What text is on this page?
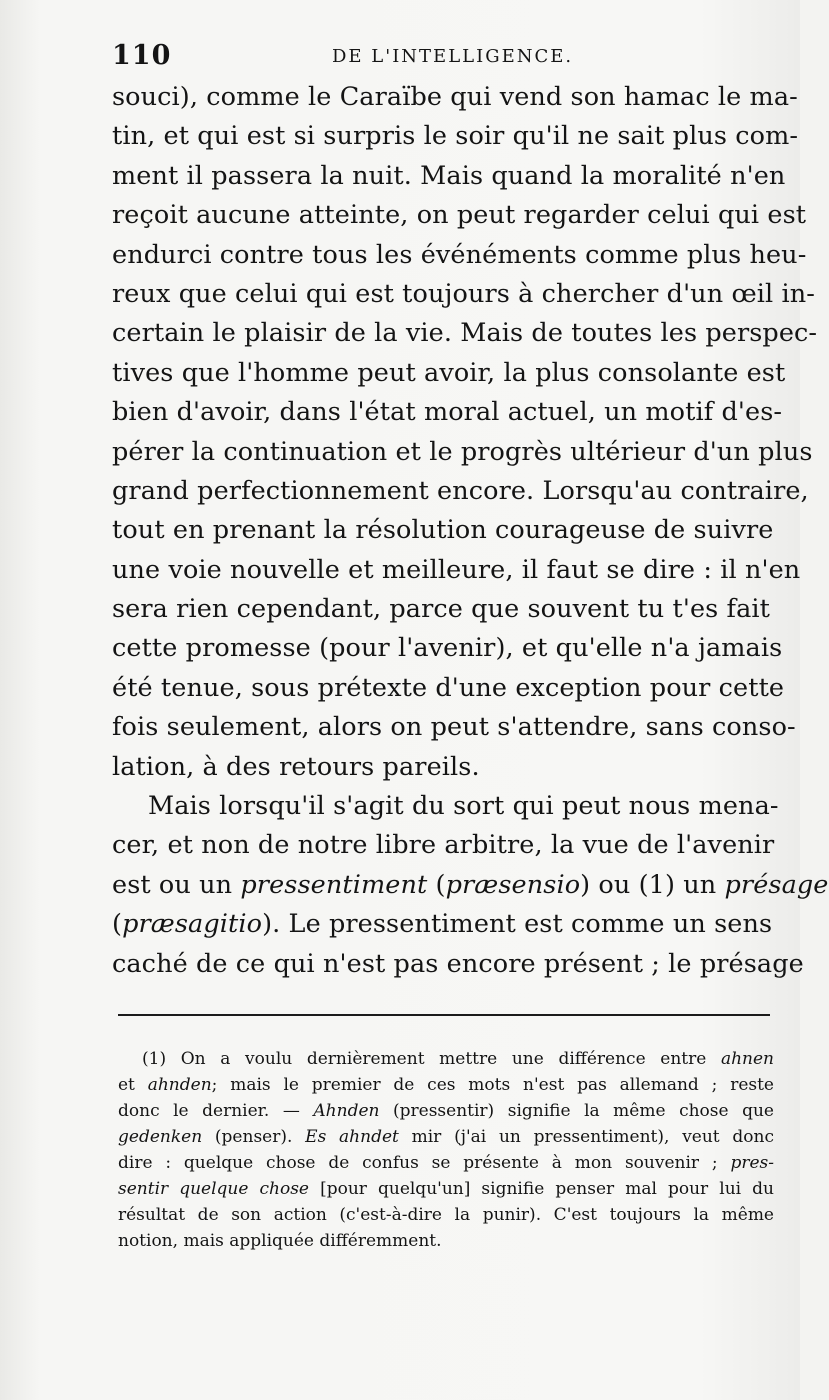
110	DE L'INTELLIGENCE.
souci), comme le Caraïbe qui vend son hamac le ma-
tin, et qui est si surpris le soir qu'il ne sait plus com-
ment il passera la nuit. Mais quand la moralité n'en
reçoit aucune atteinte, on peut regarder celui qui est
endurci contre tous les événéments comme plus heu-
reux que celui qui est toujours à chercher d'un œil in-
certain le plaisir de la vie. Mais de toutes les perspec-
tives que l'homme peut avoir, la plus consolante est
bien d'avoir, dans l'état moral actuel, un motif d'es-
pérer la continuation et le progrès ultérieur d'un plus
grand perfectionnement encore. Lorsqu'au contraire,
tout en prenant la résolution courageuse de suivre
une voie nouvelle et meilleure, il faut se dire : il n'en
sera rien cependant, parce que souvent tu t'es fait
cette promesse (pour l'avenir), et qu'elle n'a jamais
été tenue, sous prétexte d'une exception pour cette
fois seulement, alors on peut s'attendre, sans conso-
lation, à des retours pareils.
Mais lorsqu'il s'agit du sort qui peut nous mena-
cer, et non de notre libre arbitre, la vue de l'avenir
est ou un pressentiment (præsensio) ou (1) un présage
(præsagitio). Le pressentiment est comme un sens
caché de ce qui n'est pas encore présent ; le présage
(1) On a voulu dernièrement mettre une différence entre ahnen
et ahnden; mais le premier de ces mots n'est pas allemand ; reste
donc le dernier. — Ahnden (pressentir) signifie la même chose que
gedenken (penser). Es ahndet mir (j'ai un pressentiment), veut donc
dire : quelque chose de confus se présente à mon souvenir ; pres-
sentir quelque chose [pour quelqu'un] signifie penser mal pour lui du
résultat de son action (c'est-à-dire la punir). C'est toujours la même
notion, mais appliquée différemment.
